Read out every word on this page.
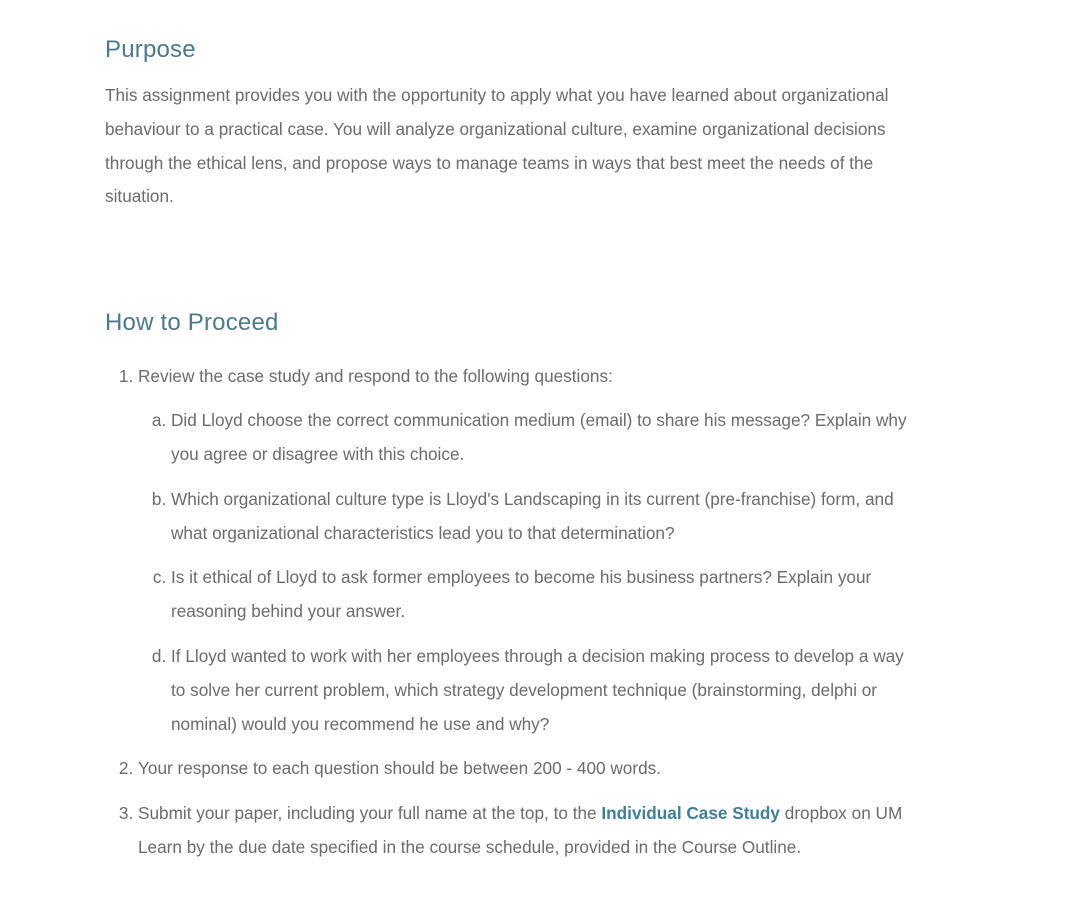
Purpose

This assignment provides you with the opportunity to apply what you have learned about organizational behaviour to a practical case. You will analyze organizational culture, examine organizational decisions through the ethical lens, and propose ways to manage teams in ways that best meet the needs of the situation.

How to Proceed
1. Review the case study and respond to the following questions:
a. Did Lloyd choose the correct communication medium (email) to share his message? Explain why you agree or disagree with this choice.
b. Which organizational culture type is Lloyd's Landscaping in its current (pre-franchise) form, and what organizational characteristics lead you to that determination?
c. Is it ethical of Lloyd to ask former employees to become his business partners? Explain your reasoning behind your answer.
d. If Lloyd wanted to work with her employees through a decision making process to develop a way to solve her current problem, which strategy development technique (brainstorming, delphi or nominal) would you recommend he use and why?
2. Your response to each question should be between 200 - 400 words.
3. Submit your paper, including your full name at the top, to the Individual Case Study dropbox on UM Learn by the due date specified in the course schedule, provided in the Course Outline.
